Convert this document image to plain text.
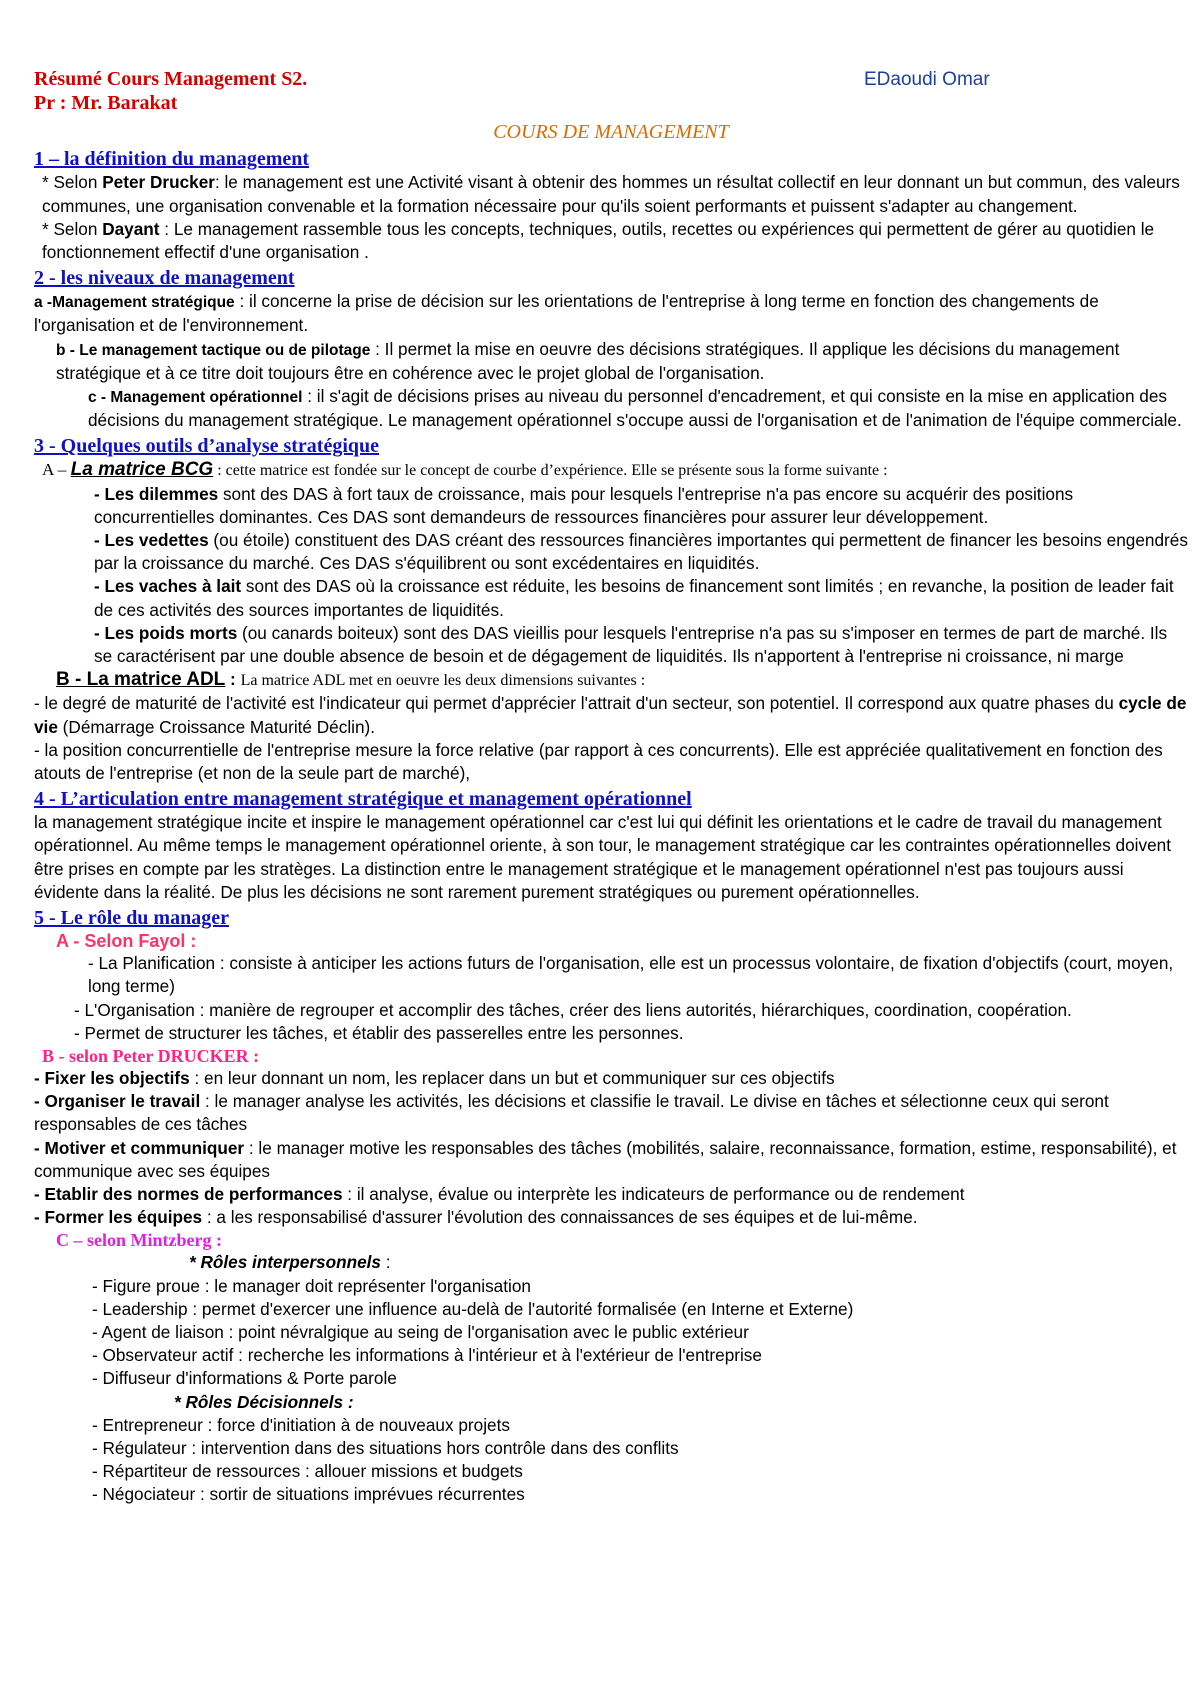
Résumé Cours Management S2.	EDaoudi Omar
Pr : Mr. Barakat
COURS DE MANAGEMENT
1 – la définition du management

* Selon Peter Drucker: le management est une Activité visant à obtenir des hommes un résultat collectif en leur donnant un but commun, des valeurs communes, une organisation convenable et la formation nécessaire pour qu'ils soient performants et puissent s'adapter au changement.

* Selon Dayant : Le management rassemble tous les concepts, techniques, outils, recettes ou expériences qui permettent de gérer au quotidien le fonctionnement effectif d'une organisation .

2 - les niveaux de management

a -Management stratégique : il concerne la prise de décision sur les orientations de l'entreprise à long terme en fonction des changements de l'organisation et de l'environnement.

b - Le management tactique ou de pilotage : Il permet la mise en oeuvre des décisions stratégiques. Il applique les décisions du management stratégique et à ce titre doit toujours être en cohérence avec le projet global de l'organisation.

c - Management opérationnel : il s'agit de décisions prises au niveau du personnel d'encadrement, et qui consiste en la mise en application des décisions du management stratégique. Le management opérationnel s'occupe aussi de l'organisation et de l'animation de l'équipe commerciale.

3 - Quelques outils d’analyse stratégique

A – La matrice BCG : cette matrice est fondée sur le concept de courbe d’expérience. Elle se présente sous la forme suivante :

- Les dilemmes sont des DAS à fort taux de croissance, mais pour lesquels l'entreprise n'a pas encore su acquérir des positions concurrentielles dominantes. Ces DAS sont demandeurs de ressources financières pour assurer leur développement.

- Les vedettes (ou étoile) constituent des DAS créant des ressources financières importantes qui permettent de financer les besoins engendrés par la croissance du marché. Ces DAS s'équilibrent ou sont excédentaires en liquidités.

- Les vaches à lait sont des DAS où la croissance est réduite, les besoins de financement sont limités ; en revanche, la position de leader fait de ces activités des sources importantes de liquidités.

- Les poids morts (ou canards boiteux) sont des DAS vieillis pour lesquels l'entreprise n'a pas su s'imposer en termes de part de marché. Ils se caractérisent par une double absence de besoin et de dégagement de liquidités. Ils n'apportent à l'entreprise ni croissance, ni marge

B - La matrice ADL : La matrice ADL met en oeuvre les deux dimensions suivantes :

- le degré de maturité de l'activité est l'indicateur qui permet d'apprécier l'attrait d'un secteur, son potentiel. Il correspond aux quatre phases du cycle de vie (Démarrage Croissance Maturité Déclin).

- la position concurrentielle de l'entreprise mesure la force relative (par rapport à ces concurrents). Elle est appréciée qualitativement en fonction des atouts de l'entreprise (et non de la seule part de marché),

4 - L’articulation entre management stratégique et management opérationnel

la management stratégique incite et inspire le management opérationnel car c'est lui qui définit les orientations et le cadre de travail du management opérationnel. Au même temps le management opérationnel oriente, à son tour, le management stratégique car les contraintes opérationnelles doivent être prises en compte par les stratèges. La distinction entre le management stratégique et le management opérationnel n'est pas toujours aussi évidente dans la réalité. De plus les décisions ne sont rarement purement stratégiques ou purement opérationnelles.

5 - Le rôle du manager
A - Selon Fayol :

- La Planification : consiste à anticiper les actions futurs de l'organisation, elle est un processus volontaire, de fixation d'objectifs (court, moyen, long terme)

- L'Organisation : manière de regrouper et accomplir des tâches, créer des liens autorités, hiérarchiques, coordination, coopération.

- Permet de structurer les tâches, et établir des passerelles entre les personnes.

B - selon Peter DRUCKER :

- Fixer les objectifs : en leur donnant un nom, les replacer dans un but et communiquer sur ces objectifs

- Organiser le travail : le manager analyse les activités, les décisions et classifie le travail. Le divise en tâches et sélectionne ceux qui seront responsables de ces tâches

- Motiver et communiquer : le manager motive les responsables des tâches (mobilités, salaire, reconnaissance, formation, estime, responsabilité), et communique avec ses équipes

- Etablir des normes de performances : il analyse, évalue ou interprète les indicateurs de performance ou de rendement

- Former les équipes : a les responsabilisé d'assurer l'évolution des connaissances de ses équipes et de lui-même.

C – selon Mintzberg :

* Rôles interpersonnels :

- Figure proue : le manager doit représenter l'organisation

- Leadership : permet d'exercer une influence au-delà de l'autorité formalisée (en Interne et Externe)

- Agent de liaison : point névralgique au seing de l'organisation avec le public extérieur

- Observateur actif : recherche les informations à l'intérieur et à l'extérieur de l'entreprise

- Diffuseur d'informations & Porte parole

* Rôles Décisionnels :

- Entrepreneur : force d'initiation à de nouveaux projets

- Régulateur : intervention dans des situations hors contrôle dans des conflits

- Répartiteur de ressources : allouer missions et budgets

- Négociateur : sortir de situations imprévues récurrentes
